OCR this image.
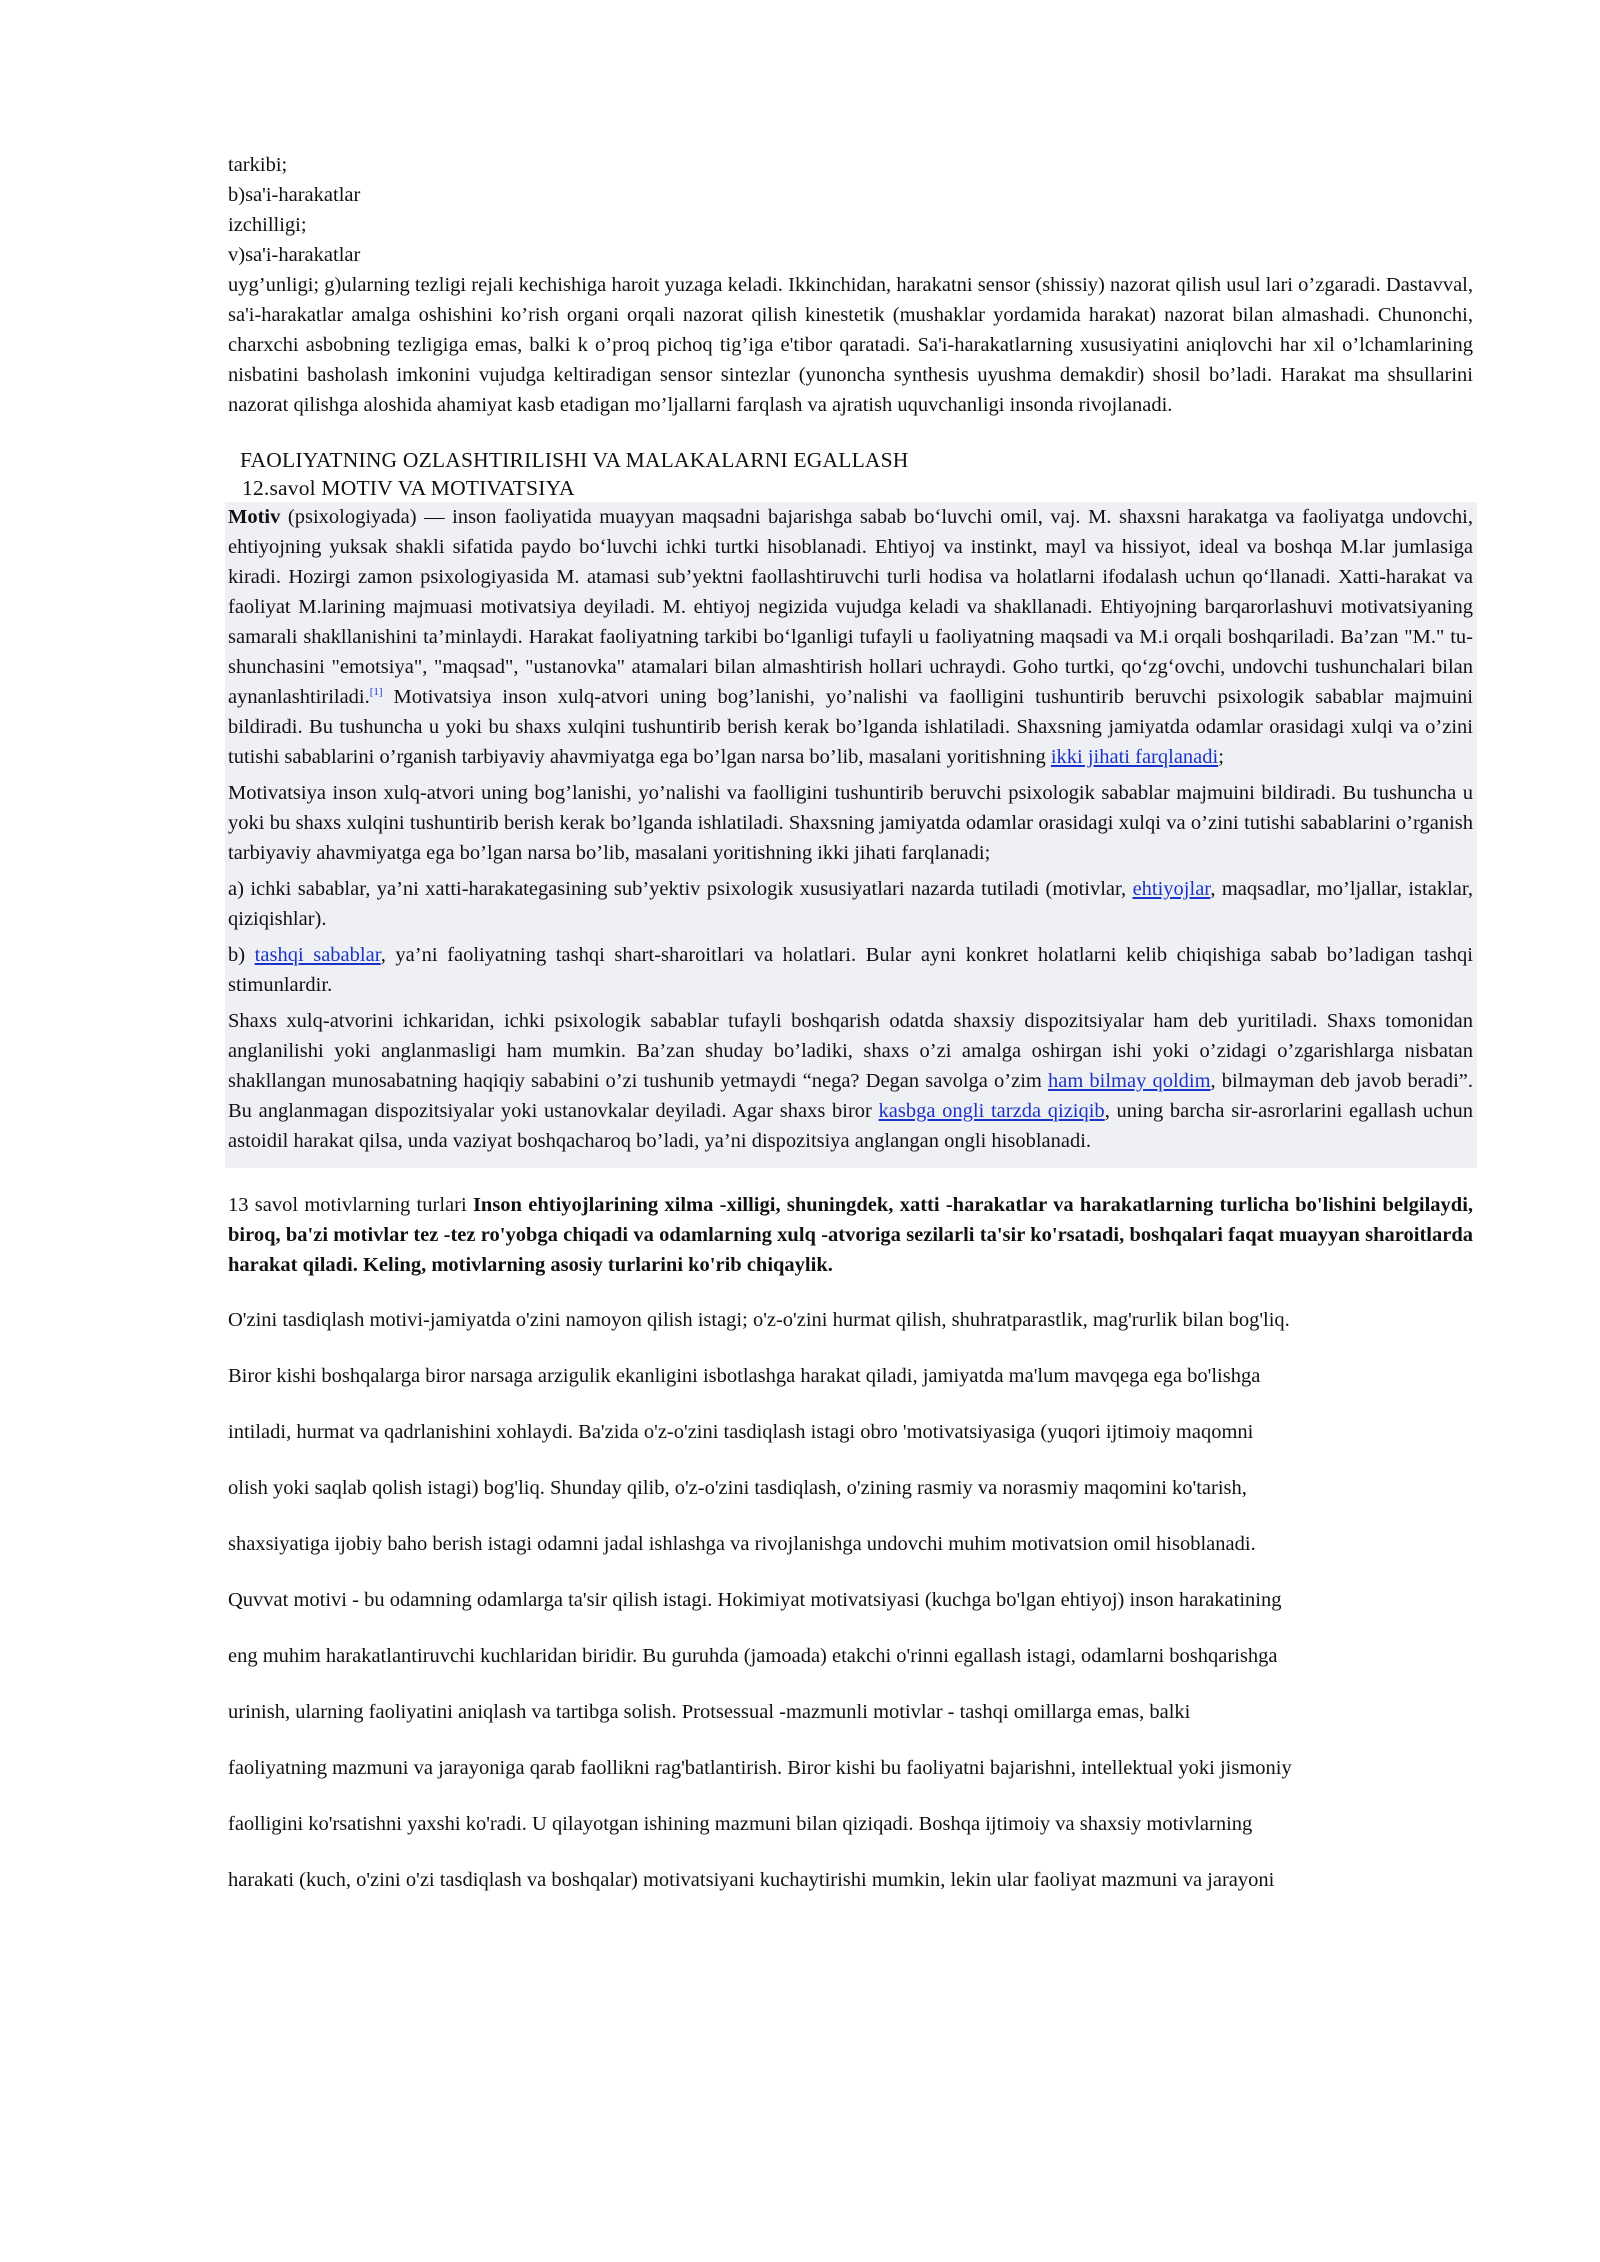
tarkibi;

b)sa'i-harakatlar

izchilligi;

v)sa'i-harakatlar

uyg’unligi; g)ularning tezligi rejali kechishiga haroit yuzaga keladi. Ikkinchidan, harakatni sensor (shissiy) nazorat qilish usul lari o’zgaradi. Dastavval, sa'i-harakatlar amalga oshishini ko’rish organi orqali nazorat qilish kinestetik (mushaklar yordamida harakat) nazorat bilan almashadi. Chunonchi, charxchi asbobning tezligiga emas, balki k o’proq pichoq tig’iga e'tibor qaratadi. Sa'i-harakatlarning xususiyatini aniqlovchi har xil o’lchamlarining nisbatini basholash imkonini vujudga keltiradigan sensor sintezlar (yunoncha synthesis uyushma demakdir) shosil bo’ladi. Harakat ma shsullarini nazorat qilishga aloshida ahamiyat kasb etadigan mo’ljallarni farqlash va ajratish uquvchanligi insonda rivojlanadi.

FAOLIYATNING OZLASHTIRILISHI VA MALAKALARNI EGALLASH

12.savol MOTIV VA MOTIVATSIYA

Motiv (psixologiyada) — inson faoliyatida muayyan maqsadni bajarishga sabab bo‘luvchi omil, vaj. M. shaxsni harakatga va faoliyatga undovchi, ehtiyojning yuksak shakli sifatida paydo bo‘luvchi ichki turtki hisoblanadi. Ehtiyoj va instinkt, mayl va hissiyot, ideal va boshqa M.lar jumlasiga kiradi. Hozirgi zamon psixologiyasida M. atamasi sub’yektni faollashtiruvchi turli hodisa va holatlarni ifodalash uchun qo‘llanadi. Xatti-harakat va faoliyat M.larining majmuasi motivatsiya deyiladi. M. ehtiyoj negizida vujudga keladi va shakllanadi. Ehtiyojning barqarorlashuvi motivatsiyaning samarali shakllanishini ta’minlaydi. Harakat faoliyatning tarkibi bo‘lganligi tufayli u faoliyatning maqsadi va M.i orqali boshqariladi. Ba’zan "M." tu-shunchasini "emotsiya", "maqsad", "ustanovka" atamalari bilan almashtirish hollari uchraydi. Goho turtki, qo‘zg‘ovchi, undovchi tushunchalari bilan aynanlashtiriladi.[1] Motivatsiya inson xulq-atvori uning bog’lanishi, yo’nalishi va faolligini tushuntirib beruvchi psixologik sabablar majmuini bildiradi. Bu tushuncha u yoki bu shaxs xulqini tushuntirib berish kerak bo’lganda ishlatiladi. Shaxsning jamiyatda odamlar orasidagi xulqi va o’zini tutishi sabablarini o’rganish tarbiyaviy ahavmiyatga ega bo’lgan narsa bo’lib, masalani yoritishning ikki jihati farqlanadi;

Motivatsiya inson xulq-atvori uning bog’lanishi, yo’nalishi va faolligini tushuntirib beruvchi psixologik sabablar majmuini bildiradi. Bu tushuncha u yoki bu shaxs xulqini tushuntirib berish kerak bo’lganda ishlatiladi. Shaxsning jamiyatda odamlar orasidagi xulqi va o’zini tutishi sabablarini o’rganish tarbiyaviy ahavmiyatga ega bo’lgan narsa bo’lib, masalani yoritishning ikki jihati farqlanadi;

a) ichki sabablar, ya’ni xatti-harakategasining sub’yektiv psixologik xususiyatlari nazarda tutiladi (motivlar, ehtiyojlar, maqsadlar, mo’ljallar, istaklar, qiziqishlar).

b) tashqi sabablar, ya’ni faoliyatning tashqi shart-sharoitlari va holatlari. Bular ayni konkret holatlarni kelib chiqishiga sabab bo’ladigan tashqi stimunlardir.

Shaxs xulq-atvorini ichkaridan, ichki psixologik sabablar tufayli boshqarish odatda shaxsiy dispozitsiyalar ham deb yuritiladi. Shaxs tomonidan anglanilishi yoki anglanmasligi ham mumkin. Ba’zan shuday bo’ladiki, shaxs o’zi amalga oshirgan ishi yoki o’zidagi o’zgarishlarga nisbatan shakllangan munosabatning haqiqiy sababini o’zi tushunib yetmaydi “nega? Degan savolga o’zim ham bilmay qoldim, bilmayman deb javob beradi”. Bu anglanmagan dispozitsiyalar yoki ustanovkalar deyiladi. Agar shaxs biror kasbga ongli tarzda qiziqib, uning barcha sir-asrorlarini egallash uchun astoidil harakat qilsa, unda vaziyat boshqacharoq bo’ladi, ya’ni dispozitsiya anglangan ongli hisoblanadi.

13 savol motivlarning turlari Inson ehtiyojlarining xilma -xilligi, shuningdek, xatti -harakatlar va harakatlarning turlicha bo'lishini belgilaydi, biroq, ba'zi motivlar tez -tez ro'yobga chiqadi va odamlarning xulq -atvoriga sezilarli ta'sir ko'rsatadi, boshqalari faqat muayyan sharoitlarda harakat qiladi. Keling, motivlarning asosiy turlarini ko'rib chiqaylik.

O'zini tasdiqlash motivi-jamiyatda o'zini namoyon qilish istagi; o'z-o'zini hurmat qilish, shuhratparastlik, mag'rurlik bilan bog'liq.

Biror kishi boshqalarga biror narsaga arzigulik ekanligini isbotlashga harakat qiladi, jamiyatda ma'lum mavqega ega bo'lishga

intiladi, hurmat va qadrlanishini xohlaydi. Ba'zida o'z-o'zini tasdiqlash istagi obro 'motivatsiyasiga (yuqori ijtimoiy maqomni

olish yoki saqlab qolish istagi) bog'liq. Shunday qilib, o'z-o'zini tasdiqlash, o'zining rasmiy va norasmiy maqomini ko'tarish,

shaxsiyatiga ijobiy baho berish istagi odamni jadal ishlashga va rivojlanishga undovchi muhim motivatsion omil hisoblanadi.

Quvvat motivi - bu odamning odamlarga ta'sir qilish istagi. Hokimiyat motivatsiyasi (kuchga bo'lgan ehtiyoj) inson harakatining

eng muhim harakatlantiruvchi kuchlaridan biridir. Bu guruhda (jamoada) etakchi o'rinni egallash istagi, odamlarni boshqarishga

urinish, ularning faoliyatini aniqlash va tartibga solish. Protsessual -mazmunli motivlar - tashqi omillarga emas, balki

faoliyatning mazmuni va jarayoniga qarab faollikni rag'batlantirish. Biror kishi bu faoliyatni bajarishni, intellektual yoki jismoniy

faolligini ko'rsatishni yaxshi ko'radi. U qilayotgan ishining mazmuni bilan qiziqadi. Boshqa ijtimoiy va shaxsiy motivlarning

harakati (kuch, o'zini o'zi tasdiqlash va boshqalar) motivatsiyani kuchaytirishi mumkin, lekin ular faoliyat mazmuni va jarayoni
